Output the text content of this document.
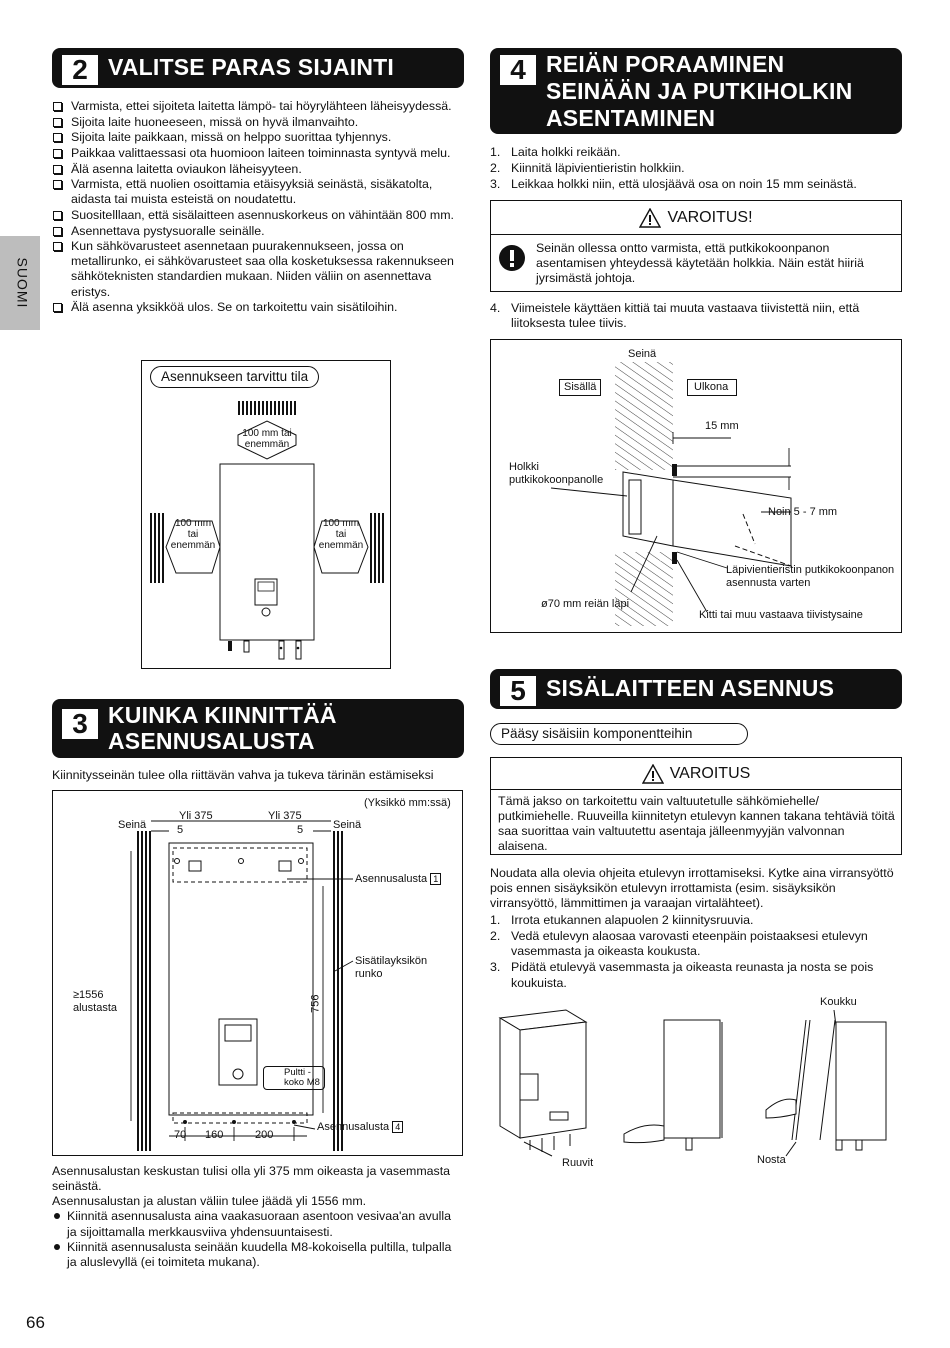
SUOMI
2 VALITSE PARAS SIJAINTI
Varmista, ettei sijoiteta laitetta lämpö- tai höyrylähteen läheisyydessä.
Sijoita laite huoneeseen, missä on hyvä ilmanvaihto.
Sijoita laite paikkaan, missä on helppo suorittaa tyhjennys.
Paikkaa valittaessasi ota huomioon laiteen toiminnasta syntyvä melu.
Älä asenna laitetta oviaukon läheisyyteen.
Varmista, että nuolien osoittamia etäisyyksiä seinästä, sisäkatolta, aidasta tai muista esteistä on noudatettu.
Suositelllaan, että sisälaitteen asennuskorkeus on vähintään 800 mm.
Asennettava pystysuoralle seinälle.
Kun sähkövarusteet asennetaan puurakennukseen, jossa on metallirunko, ei sähkövarusteet saa olla kosketuksessa rakennukseen sähköteknisten standardien mukaan. Niiden väliin on asennettava eristys.
Älä asenna yksikköä ulos. Se on tarkoitettu vain sisätiloihin.
Asennukseen tarvittu tila
100 mm tai
enemmän
100 mm
tai
enemmän
100 mm
tai
enemmän
3 KUINKA KIINNITTÄÄ
ASENNUSALUSTA
Kiinnitysseinän tulee olla riittävän vahva ja tukeva tärinän estämiseksi
(Yksikkö mm:ssä)
Yli 375	Yli 375
5	5
Seinä	Seinä
Asennusalusta 1
Sisätilayksikön
runko
≥1556
alustasta	756
Pultti -
koko M8
Asennusalusta 4
70 160	200
Asennusalustan keskustan tulisi olla yli 375 mm oikeasta ja vasemmasta seinästä.
Asennusalustan ja alustan väliin tulee jäädä yli 1556 mm.
Kiinnitä asennusalusta aina vaakasuoraan asentoon vesivaa'an avulla ja sijoittamalla merkkausviiva yhdensuuntaisesti.
Kiinnitä asennusalusta seinään kuudella M8-kokoisella pultilla, tulpalla ja aluslevyllä (ei toimiteta mukana).
66
4 REIÄN PORAAMINEN
SEINÄÄN JA PUTKIHOLKIN
ASENTAMINEN
1. Laita holkki reikään.
2. Kiinnitä läpivientieristin holkkiin.
3. Leikkaa holkki niin, että ulosjäävä osa on noin 15 mm seinästä.
VAROITUS!
Seinän ollessa ontto varmista, että putkikokoonpanon asentamisen yhteydessä käytetään holkkia. Näin estät hiiriä jyrsimästä johtoja.
4. Viimeistele käyttäen kittiä tai muuta vastaava tiivistettä niin, että liitoksesta tulee tiivis.
Seinä
Sisällä	Ulkona
15 mm
Holkki
putkikokoonpanolle
Noin 5 - 7 mm
Läpivientieristin putkikokoonpanon
asennusta varten
ø70 mm reiän läpi
Kitti tai muu vastaava tiivistysaine
5 SISÄLAITTEEN ASENNUS
Pääsy sisäisiin komponentteihin
VAROITUS
Tämä jakso on tarkoitettu vain valtuutetulle sähkömiehelle/ putkimiehelle. Ruuveilla kiinnitetyn etulevyn kannen takana tehtäviä töitä saa suorittaa vain valtuutettu asentaja jälleenmyyjän valvonnan alaisena.
Noudata alla olevia ohjeita etulevyn irrottamiseksi. Kytke aina virransyöttö pois ennen sisäyksikön etulevyn irrottamista (esim. sisäyksikön virransyöttö, lämmittimen ja varaajan virtalähteet).
1. Irrota etukannen alapuolen 2 kiinnitysruuvia.
2. Vedä etulevyn alaosaa varovasti eteenpäin poistaaksesi etulevyn vasemmasta ja oikeasta koukusta.
3. Pidätä etulevyä vasemmasta ja oikeasta reunasta ja nosta se pois koukuista.
Ruuvit
Koukku
Nosta
